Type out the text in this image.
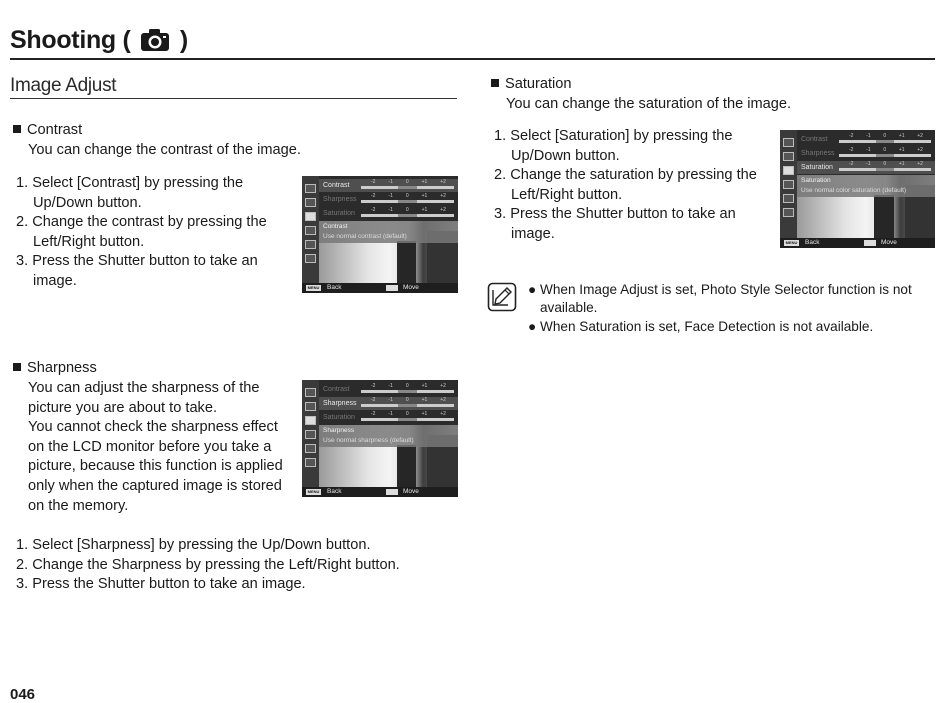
Shooting ( )
Image Adjust
Contrast
You can change the contrast of the image.
1. Select [Contrast] by pressing the
Up/Down button.
2. Change the contrast by pressing the
Left/Right button.
3. Press the Shutter button to take an
image.
Contrast	-2	-1	0	+1	+2
Sharpness	-2	-1	0	+1	+2
Saturation	-2	-1	0	+1	+2
Contrast
Use normal contrast (default)
MENU Back	Move
Sharpness
You can adjust the sharpness of the
picture you are about to take.
You cannot check the sharpness effect
on the LCD monitor before you take a
picture, because this function is applied
only when the captured image is stored
on the memory.
1. Select [Sharpness] by pressing the Up/Down button.
2. Change the Sharpness by pressing the Left/Right button.
3. Press the Shutter button to take an image.
Contrast	-2	-1	0	+1	+2
Sharpness	-2	-1	0	+1	+2
Saturation	-2	-1	0	+1	+2
Sharpness
Use normal sharpness (default)
MENU Back	Move
Saturation
You can change the saturation of the image.
1. Select [Saturation] by pressing the
Up/Down button.
2. Change the saturation by pressing the
Left/Right button.
3. Press the Shutter button to take an
image.
Contrast	-2	-1	0	+1	+2
Sharpness	-2	-1	0	+1	+2
Saturation	-2	-1	0	+1	+2
Saturation
Use normal color saturation (default)
MENU Back	Move
● When Image Adjust is set, Photo Style Selector function is not
available.
● When Saturation is set, Face Detection is not available.
046
